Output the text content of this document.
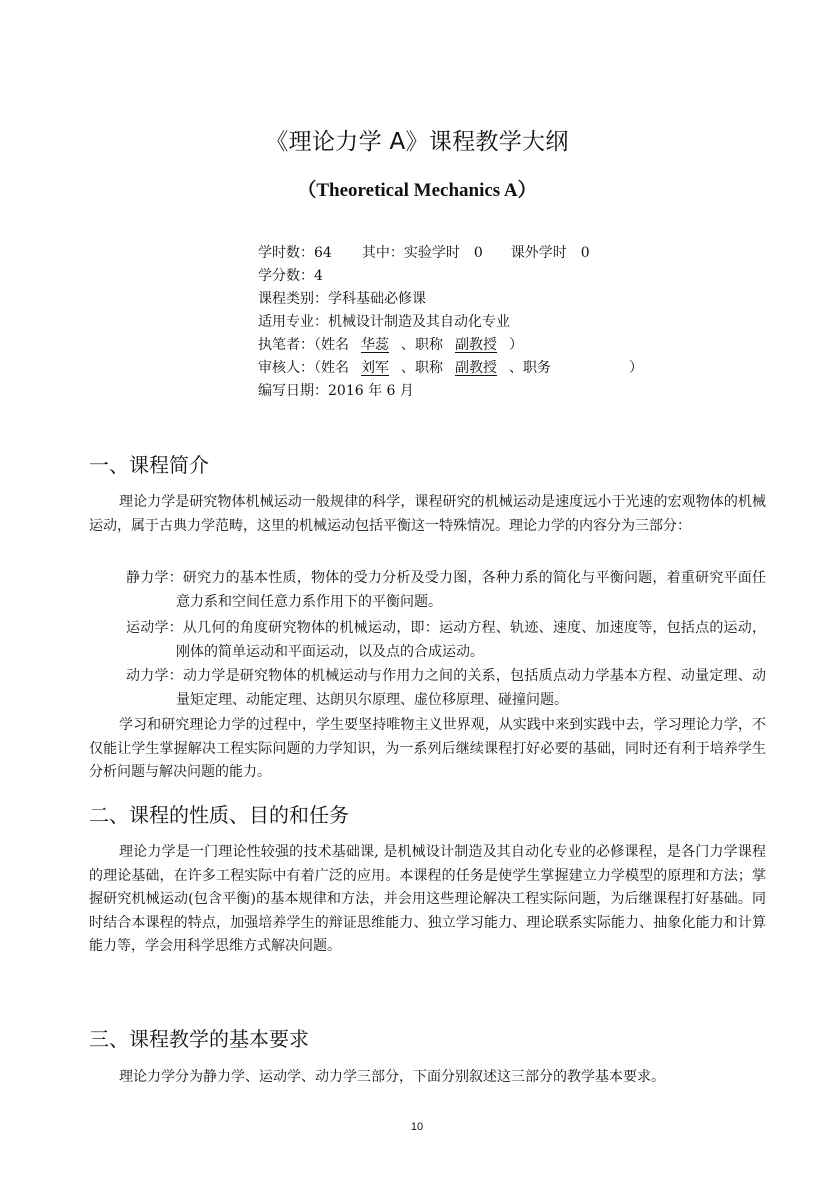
《理论力学 A》课程教学大纲
（Theoretical Mechanics A）
学时数：64 其中：实验学时　0　　课外学时　0
学分数：4
课程类别：学科基础必修课
适用专业：机械设计制造及其自动化专业
执笔者：（姓名 华蕊 、职称 副教授 ）
审核人：（姓名 刘军 、职称 副教授 、职务	）
编写日期：2016 年 6 月
一、课程简介

理论力学是研究物体机械运动一般规律的科学，课程研究的机械运动是速度远小于光速的宏观物体的机械运动，属于古典力学范畴，这里的机械运动包括平衡这一特殊情况。理论力学的内容分为三部分：

静力学：研究力的基本性质，物体的受力分析及受力图，各种力系的简化与平衡问题，着重研究平面任意力系和空间任意力系作用下的平衡问题。

运动学：从几何的角度研究物体的机械运动，即：运动方程、轨迹、速度、加速度等，包括点的运动，刚体的简单运动和平面运动，以及点的合成运动。

动力学：动力学是研究物体的机械运动与作用力之间的关系，包括质点动力学基本方程、动量定理、动量矩定理、动能定理、达朗贝尔原理、虚位移原理、碰撞问题。

学习和研究理论力学的过程中，学生要坚持唯物主义世界观，从实践中来到实践中去，学习理论力学，不仅能让学生掌握解决工程实际问题的力学知识，为一系列后继续课程打好必要的基础，同时还有利于培养学生分析问题与解决问题的能力。

二、课程的性质、目的和任务

理论力学是一门理论性较强的技术基础课, 是机械设计制造及其自动化专业的必修课程，是各门力学课程的理论基础，在许多工程实际中有着广泛的应用。本课程的任务是使学生掌握建立力学模型的原理和方法；掌握研究机械运动(包含平衡)的基本规律和方法，并会用这些理论解决工程实际问题，为后继课程打好基础。同时结合本课程的特点，加强培养学生的辩证思维能力、独立学习能力、理论联系实际能力、抽象化能力和计算能力等，学会用科学思维方式解决问题。

三、课程教学的基本要求

理论力学分为静力学、运动学、动力学三部分，下面分别叙述这三部分的教学基本要求。

10
